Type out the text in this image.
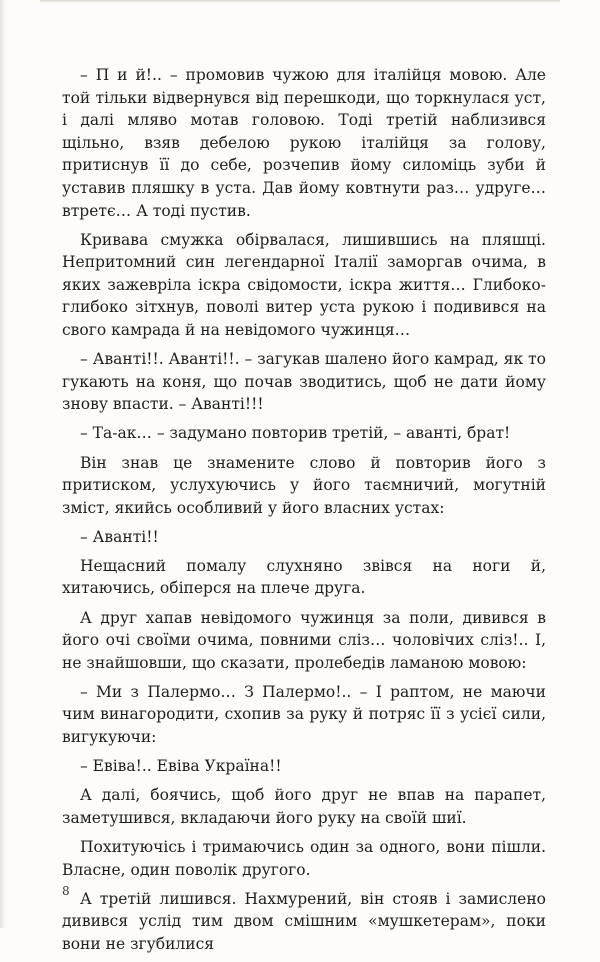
– П и й!.. – промовив чужою для італійця мовою. Але той тільки відвернувся від перешкоди, що торкнулася уст, і далі мляво мотав головою. Тоді третій наблизився щільно, взяв дебелою рукою італійця за голову, притиснув її до себе, розчепив йому силоміць зуби й уставив пляшку в уста. Дав йому ковтнути раз… удруге… втретє… А тоді пустив.

Кривава смужка обірвалася, лишившись на пляшці. Непритомний син легендарної Італії заморгав очима, в яких зажевріла іскра свідомости, іскра життя… Глибоко-глибоко зітхнув, поволі витер уста рукою і подивився на свого камрада й на невідомого чужинця…

– Аванті!!. Аванті!!. – загукав шалено його камрад, як то гукають на коня, що почав зводитись, щоб не дати йому знову впасти. – Аванті!!!

– Та-ак… – задумано повторив третій, – аванті, брат!

Він знав це знамените слово й повторив його з притиском, услухуючись у його таємничий, могутній зміст, якийсь особливий у його власних устах:

– Аванті!!

Нещасний помалу слухняно звівся на ноги й, хитаючись, обіперся на плече друга.

А друг хапав невідомого чужинця за поли, дивився в його очі своїми очима, повними сліз… чоловічих сліз!.. І, не знайшовши, що сказати, пролебедів ламаною мовою:

– Ми з Палермо… З Палермо!.. – І раптом, не маючи чим винагородити, схопив за руку й потряс її з усієї сили, вигукуючи:

– Евіва!.. Евіва Україна!!

А далі, боячись, щоб його друг не впав на парапет, заметушився, вкладаючи його руку на своїй шиї.

Похитуючісь і тримаючись один за одного, вони пішли. Власне, один поволік другого.

А третій лишився. Нахмурений, він стояв і замислено дивився услід тим двом смішним «мушкетерам», поки вони не згубилися

8
